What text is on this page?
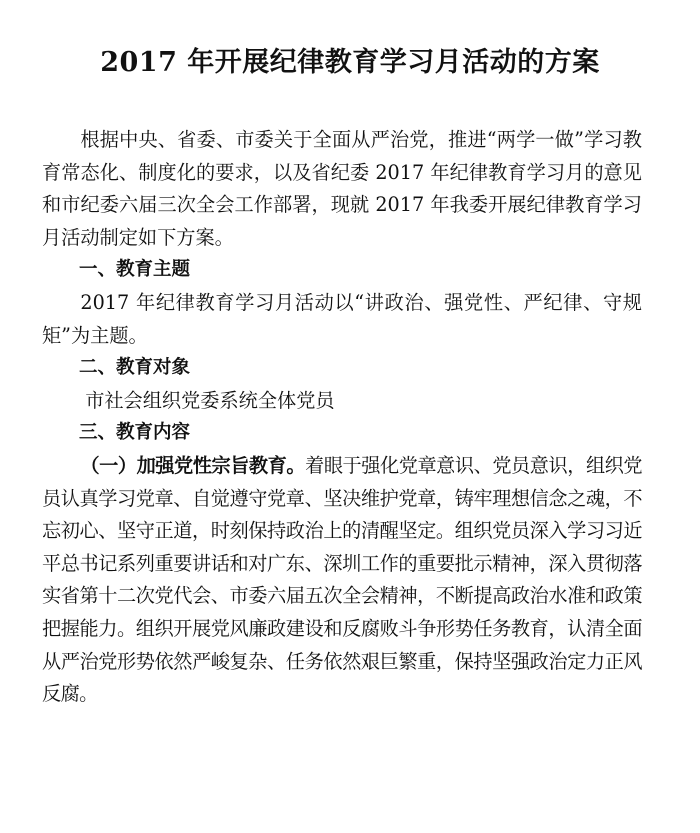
2017 年开展纪律教育学习月活动的方案

根据中央、省委、市委关于全面从严治党，推进“两学一做”学习教育常态化、制度化的要求，以及省纪委 2017 年纪律教育学习月的意见和市纪委六届三次全会工作部署，现就 2017 年我委开展纪律教育学习月活动制定如下方案。

一、教育主题

2017 年纪律教育学习月活动以“讲政治、强党性、严纪律、守规矩”为主题。

二、教育对象

市社会组织党委系统全体党员

三、教育内容

（一）加强党性宗旨教育。着眼于强化党章意识、党员意识，组织党员认真学习党章、自觉遵守党章、坚决维护党章，铸牢理想信念之魂，不忘初心、坚守正道，时刻保持政治上的清醒坚定。组织党员深入学习习近平总书记系列重要讲话和对广东、深圳工作的重要批示精神，深入贯彻落实省第十二次党代会、市委六届五次全会精神，不断提高政治水准和政策把握能力。组织开展党风廉政建设和反腐败斗争形势任务教育，认清全面从严治党形势依然严峻复杂、任务依然艰巨繁重，保持坚强政治定力正风反腐。
